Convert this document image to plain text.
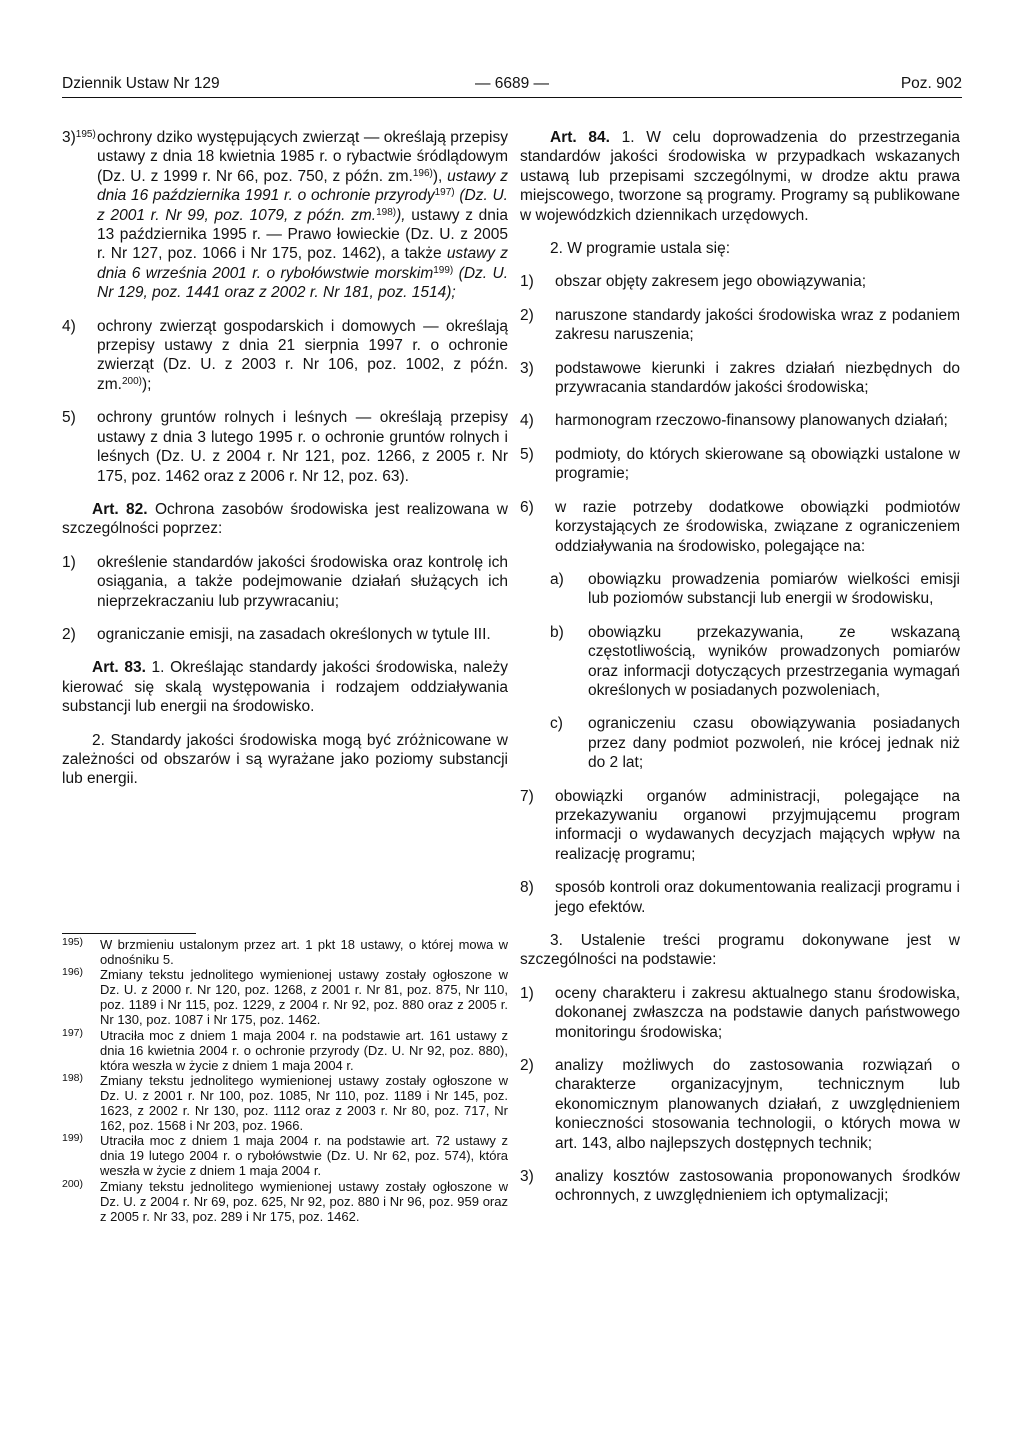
Dziennik Ustaw Nr 129	— 6689 —	Poz. 902
3)$^{195)}$ ochrony dziko występujących zwierząt — określają przepisy ustawy z dnia 18 kwietnia 1985 r. o rybactwie śródlądowym (Dz. U. z 1999 r. Nr 66, poz. 750, z późn. zm.$^{196)}$), ustawy z dnia 16 października 1991 r. o ochronie przyrody$^{197)}$ (Dz. U. z 2001 r. Nr 99, poz. 1079, z późn. zm.$^{198)}$), ustawy z dnia 13 października 1995 r. — Prawo łowieckie (Dz. U. z 2005 r. Nr 127, poz. 1066 i Nr 175, poz. 1462), a także ustawy z dnia 6 września 2001 r. o rybołówstwie morskim$^{199)}$ (Dz. U. Nr 129, poz. 1441 oraz z 2002 r. Nr 181, poz. 1514);
4)	ochrony zwierząt gospodarskich i domowych — określają przepisy ustawy z dnia 21 sierpnia 1997 r. o ochronie zwierząt (Dz. U. z 2003 r. Nr 106, poz. 1002, z późn. zm.$^{200)}$);
5)	ochrony gruntów rolnych i leśnych — określają przepisy ustawy z dnia 3 lutego 1995 r. o ochronie gruntów rolnych i leśnych (Dz. U. z 2004 r. Nr 121, poz. 1266, z 2005 r. Nr 175, poz. 1462 oraz z 2006 r. Nr 12, poz. 63).

Art. 82. Ochrona zasobów środowiska jest realizowana w szczególności poprzez:

1)	określenie standardów jakości środowiska oraz kontrolę ich osiągania, a także podejmowanie działań służących ich nieprzekraczaniu lub przywracaniu;
2)	ograniczanie emisji, na zasadach określonych w tytule III.

Art. 83. 1. Określając standardy jakości środowiska, należy kierować się skalą występowania i rodzajem oddziaływania substancji lub energii na środowisko.

2. Standardy jakości środowiska mogą być zróżnicowane w zależności od obszarów i są wyrażane jako poziomy substancji lub energii.

195)	W brzmieniu ustalonym przez art. 1 pkt 18 ustawy, o której mowa w odnośniku 5.
196)	Zmiany tekstu jednolitego wymienionej ustawy zostały ogłoszone w Dz. U. z 2000 r. Nr 120, poz. 1268, z 2001 r. Nr 81, poz. 875, Nr 110, poz. 1189 i Nr 115, poz. 1229, z 2004 r. Nr 92, poz. 880 oraz z 2005 r. Nr 130, poz. 1087 i Nr 175, poz. 1462.
197)	Utraciła moc z dniem 1 maja 2004 r. na podstawie art. 161 ustawy z dnia 16 kwietnia 2004 r. o ochronie przyrody (Dz. U. Nr 92, poz. 880), która weszła w życie z dniem 1 maja 2004 r.
198)	Zmiany tekstu jednolitego wymienionej ustawy zostały ogłoszone w Dz. U. z 2001 r. Nr 100, poz. 1085, Nr 110, poz. 1189 i Nr 145, poz. 1623, z 2002 r. Nr 130, poz. 1112 oraz z 2003 r. Nr 80, poz. 717, Nr 162, poz. 1568 i Nr 203, poz. 1966.
199)	Utraciła moc z dniem 1 maja 2004 r. na podstawie art. 72 ustawy z dnia 19 lutego 2004 r. o rybołówstwie (Dz. U. Nr 62, poz. 574), która weszła w życie z dniem 1 maja 2004 r.
200)	Zmiany tekstu jednolitego wymienionej ustawy zostały ogłoszone w Dz. U. z 2004 r. Nr 69, poz. 625, Nr 92, poz. 880 i Nr 96, poz. 959 oraz z 2005 r. Nr 33, poz. 289 i Nr 175, poz. 1462.

Art. 84. 1. W celu doprowadzenia do przestrzegania standardów jakości środowiska w przypadkach wskazanych ustawą lub przepisami szczególnymi, w drodze aktu prawa miejscowego, tworzone są programy. Programy są publikowane w wojewódzkich dziennikach urzędowych.

2. W programie ustala się:

1)	obszar objęty zakresem jego obowiązywania;
2)	naruszone standardy jakości środowiska wraz z podaniem zakresu naruszenia;
3)	podstawowe kierunki i zakres działań niezbędnych do przywracania standardów jakości środowiska;
4)	harmonogram rzeczowo-finansowy planowanych działań;
5)	podmioty, do których skierowane są obowiązki ustalone w programie;
6)	w razie potrzeby dodatkowe obowiązki podmiotów korzystających ze środowiska, związane z ograniczeniem oddziaływania na środowisko, polegające na:
a)	obowiązku prowadzenia pomiarów wielkości emisji lub poziomów substancji lub energii w środowisku,
b)	obowiązku przekazywania, ze wskazaną częstotliwością, wyników prowadzonych pomiarów oraz informacji dotyczących przestrzegania wymagań określonych w posiadanych pozwoleniach,
c)	ograniczeniu czasu obowiązywania posiadanych przez dany podmiot pozwoleń, nie krócej jednak niż do 2 lat;
7)	obowiązki organów administracji, polegające na przekazywaniu organowi przyjmującemu program informacji o wydawanych decyzjach mających wpływ na realizację programu;
8)	sposób kontroli oraz dokumentowania realizacji programu i jego efektów.

3. Ustalenie treści programu dokonywane jest w szczególności na podstawie:

1)	oceny charakteru i zakresu aktualnego stanu środowiska, dokonanej zwłaszcza na podstawie danych państwowego monitoringu środowiska;
2)	analizy możliwych do zastosowania rozwiązań o charakterze organizacyjnym, technicznym lub ekonomicznym planowanych działań, z uwzględnieniem konieczności stosowania technologii, o których mowa w art. 143, albo najlepszych dostępnych technik;
3)	analizy kosztów zastosowania proponowanych środków ochronnych, z uwzględnieniem ich optymalizacji;
